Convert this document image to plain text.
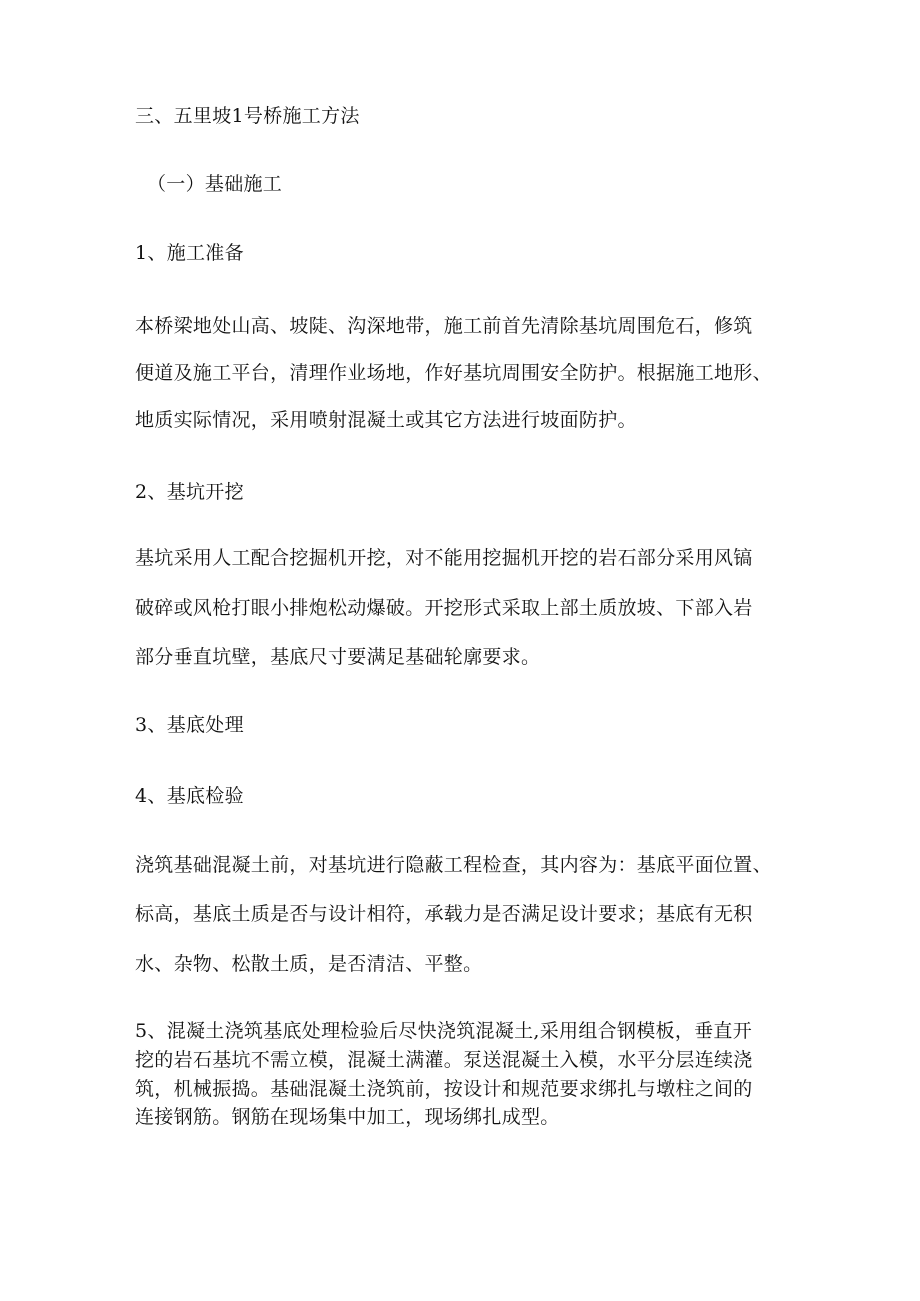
三、五里坡1号桥施工方法
（一）基础施工
1、施工准备
本桥梁地处山高、坡陡、沟深地带，施工前首先清除基坑周围危石，修筑
便道及施工平台，清理作业场地，作好基坑周围安全防护。根据施工地形、
地质实际情况，采用喷射混凝土或其它方法进行坡面防护。
2、基坑开挖
基坑采用人工配合挖掘机开挖，对不能用挖掘机开挖的岩石部分采用风镐
破碎或风枪打眼小排炮松动爆破。开挖形式采取上部土质放坡、下部入岩
部分垂直坑壁，基底尺寸要满足基础轮廓要求。
3、基底处理
4、基底检验
浇筑基础混凝土前，对基坑进行隐蔽工程检查，其内容为：基底平面位置、
标高，基底土质是否与设计相符，承载力是否满足设计要求；基底有无积
水、杂物、松散土质，是否清洁、平整。
5、混凝土浇筑基底处理检验后尽快浇筑混凝土,采用组合钢模板，垂直开
挖的岩石基坑不需立模，混凝土满灌。泵送混凝土入模，水平分层连续浇
筑，机械振捣。基础混凝土浇筑前，按设计和规范要求绑扎与墩柱之间的
连接钢筋。钢筋在现场集中加工，现场绑扎成型。
